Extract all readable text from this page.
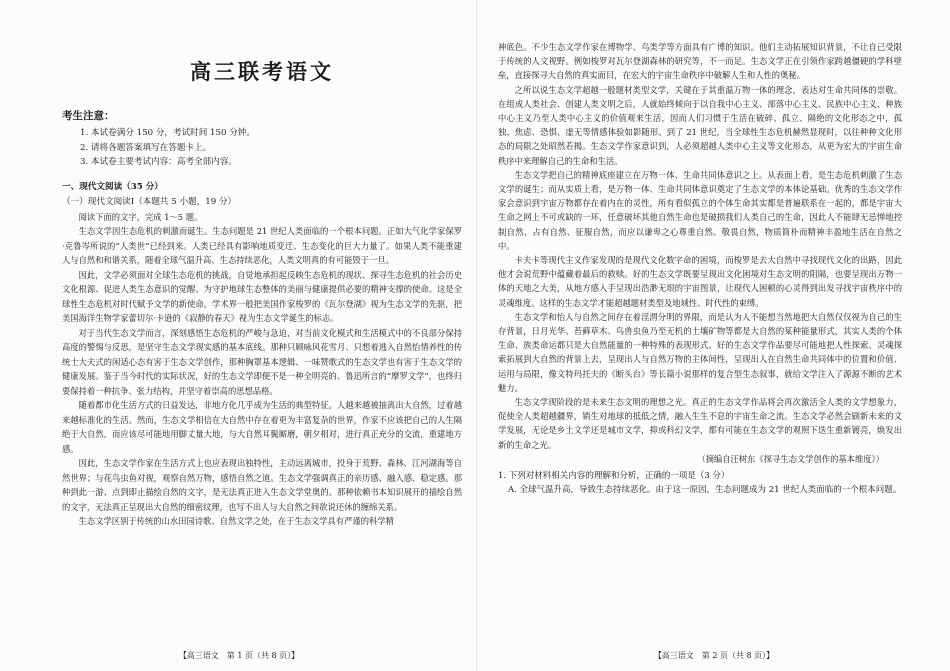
高三联考语文
考生注意：
1. 本试卷满分 150 分，考试时间 150 分钟。
2. 请将各题答案填写在答题卡上。
3. 本试卷主要考试内容：高考全部内容。
一、现代文阅读（35 分）
（一）现代文阅读Ⅰ（本题共 5 小题，19 分）
阅读下面的文字，完成 1～5 题。

生态文学因生态危机的刺激而诞生。生态问题是 21 世纪人类面临的一个根本问题。正如大气化学家保罗·克鲁岑所说的“人类世”已经到来。人类已经具有影响地质变迁、生态变化的巨大力量了。如果人类不能重建人与自然和和谐关系，随着全球气温升高、生态持续恶化，人类文明真的有可能毁于一旦。

因此，文学必须面对全球生态危机的挑战，自觉地承担起反映生态危机的现状、探寻生态危机的社会历史文化根源、促进人类生态意识的觉醒、为守护地球生态整体的美丽与健康提供必要的精神支撑的使命。这是全球性生态危机对时代赋予文学的新使命。学术界一般把美国作家梭罗的《瓦尔登湖》视为生态文学的先驱，把美国海洋生物学家蕾切尔·卡逊的《寂静的春天》视为生态文学诞生的标志。

对于当代生态文学而言，深刻感悟生态危机的严峻与急迫，对当前文化模式和生活模式中的不良部分保持高度的警惕与反思，是坚守生态文学现实感的基本底线。那种只顾咏风花雪月、只想着逃入自然怡情养性的传统士大夫式的闲适心态有害于生态文学创作，那种胸罩基本逻辑、一味赞歌式的生态文学也有害于生态文学的健康发展。鉴于当今时代的实际状况，好的生态文学即便不是一种全明亮的、鲁迅所言的“摩罗文学”，也终归要保持着一种抗争、张力结构，并坚守着崇高的思想品格。

随着都市化生活方式的日益发达，非地方化几乎成为生活的典型特征。人越来越被抽离出大自然，过着越来越标准化的生活。然而，生态文学相信在大自然中存在着更为丰富复杂的世界，作家不应该把自己的人生隔绝于大自然，而应该尽可能地用脚丈量大地，与大自然耳鬓厮磨，朝夕相对，进行真正充分的交流，重建地方感。

因此，生态文学作家在生活方式上也应表现出独特性，主动远离城市，投身于荒野、森林、江河湖海等自然世界；与花鸟虫鱼对视，观察自然万物，感悟自然之道。生态文学强调真正的亲历感、融入感、稳定感。那种到此一游、点到即止描绘自然的文字，是无法真正进入生态文学堂奥的。那种依赖书本知识展开的描绘自然的文字，无法真正呈现出大自然的细密纹理，也写不出人与大自然之间欲说还休的缠绵关系。

生态文学区别于传统的山水田园诗歌、自然文学之处，在于生态文学具有严谨的科学精

【高三语文　第 1 页（共 8 页）】

神底色。不少生态文学作家在博物学、鸟类学等方面具有广博的知识。他们主动拓展知识背景，不让自己受限于传统的人文视野。例如梭罗对瓦尔登湖森林的研究等，不一而足。生态文学正在引领作家跨越僵硬的学科壁垒，直接探寻大自然的真实面目，在宏大的宇宙生命秩序中破解人生和人性的奥秘。

之所以说生态文学超越一般题材类型文学，关键在于其重温万物一体的理念，表达对生命共同体的崇敬。在组成人类社会、创建人类文明之后，人就始终倾向于以自我中心主义、部落中心主义、民族中心主义、种族中心主义乃至人类中心主义的价值观来生活，因而人们习惯于生活在破碎、孤立、隔绝的文化形态之中，孤独、焦虑、恐惧、虚无等情感体验如影随形。到了 21 世纪，当全球性生态危机赫然显现时，以往种种文化形态的局限之处昭然若揭。生态文学作家意识到，人必须超越人类中心主义等文化形态，从更为宏大的宇宙生命秩序中来理解自己的生命和生活。

生态文学把自己的精神底座建立在万物一体、生命共同体意识之上。从表面上看，是生态危机刺激了生态文学的诞生；而从实质上看，是万物一体、生命共同体意识奠定了生态文学的本体论基础。优秀的生态文学作家会意识到宇宙万物都存在着内在的灵性，所有看似孤立的个体生命其实都是普遍联系在一起的，都是宇宙大生命之网上不可或缺的一环，任意破坏其他自然生命也是破损我们人类自己的生命，因此人不能肆无忌惮地控制自然、占有自然、征服自然，而应以谦卑之心尊重自然、敬畏自然，物质简朴而精神丰盈地生活在自然之中。

卡夫卡等现代主义作家发现的是现代文化数字命的困境，而梭罗是去大自然中寻找现代文化的出路，因此他才会说荒野中蕴藏着最后的救赎。好的生态文学既要呈现出文化困境对生态文明的阻隔，也要呈现出万物一体的天地之大美，从地方感入手呈现出浩渺无垠的宇宙图景，让现代人困顿的心灵得到出发寻找宇宙秩序中的灵魂维度。这样的生态文学才能超越题材类型及地域性、时代性的束缚。

生态文学和怡人与自然之间存在着淫渭分明的界限，而是认为人不能想当然地把大自然仅仅视为自己的生存背景，日月光华、苔藓草木、鸟兽虫鱼乃至无机的土壤矿物等都是大自然的某种能量形式，其实人类的个体生命、族类命运都只是大自然能量的一种特殊的表现形式。好的生态文学作品要尽可能地把人性探索、灵魂探索拓展到大自然的背景上去，呈现出人与自然万物的主体间性，呈现出人在自然生命共同体中的位置和价值、运用与局限，像文特玛托夫的《断头台》等长篇小说那样的复合型生态叙事，就给文学注入了源源不断的艺术魅力。

生态文学现阶段的是未来生态文明的理想之光。真正的生态文学作品将会再次激活全人类的文学想象力，促使全人类超越疆界，销生对地球的抵低之情，融入生生不息的宇宙生命之流。生态文学必然会刷新未来的文学发展，无论是乡土文学还是城市文学，抑或科幻文学，都有可能在生态文学的观照下迭生重新镀亮，焕发出新的生命之光。

（摘编自汪树东《探寻生态文学创作的基本维度》）
1. 下列对材料相关内容的理解和分析，正确的一项是（3 分）
A. 全球气温升高，导致生态持续恶化。由于这一原因，生态问题成为 21 世纪人类面临的一个根本问题。
【高三语文　第 2 页（共 8 页）】
